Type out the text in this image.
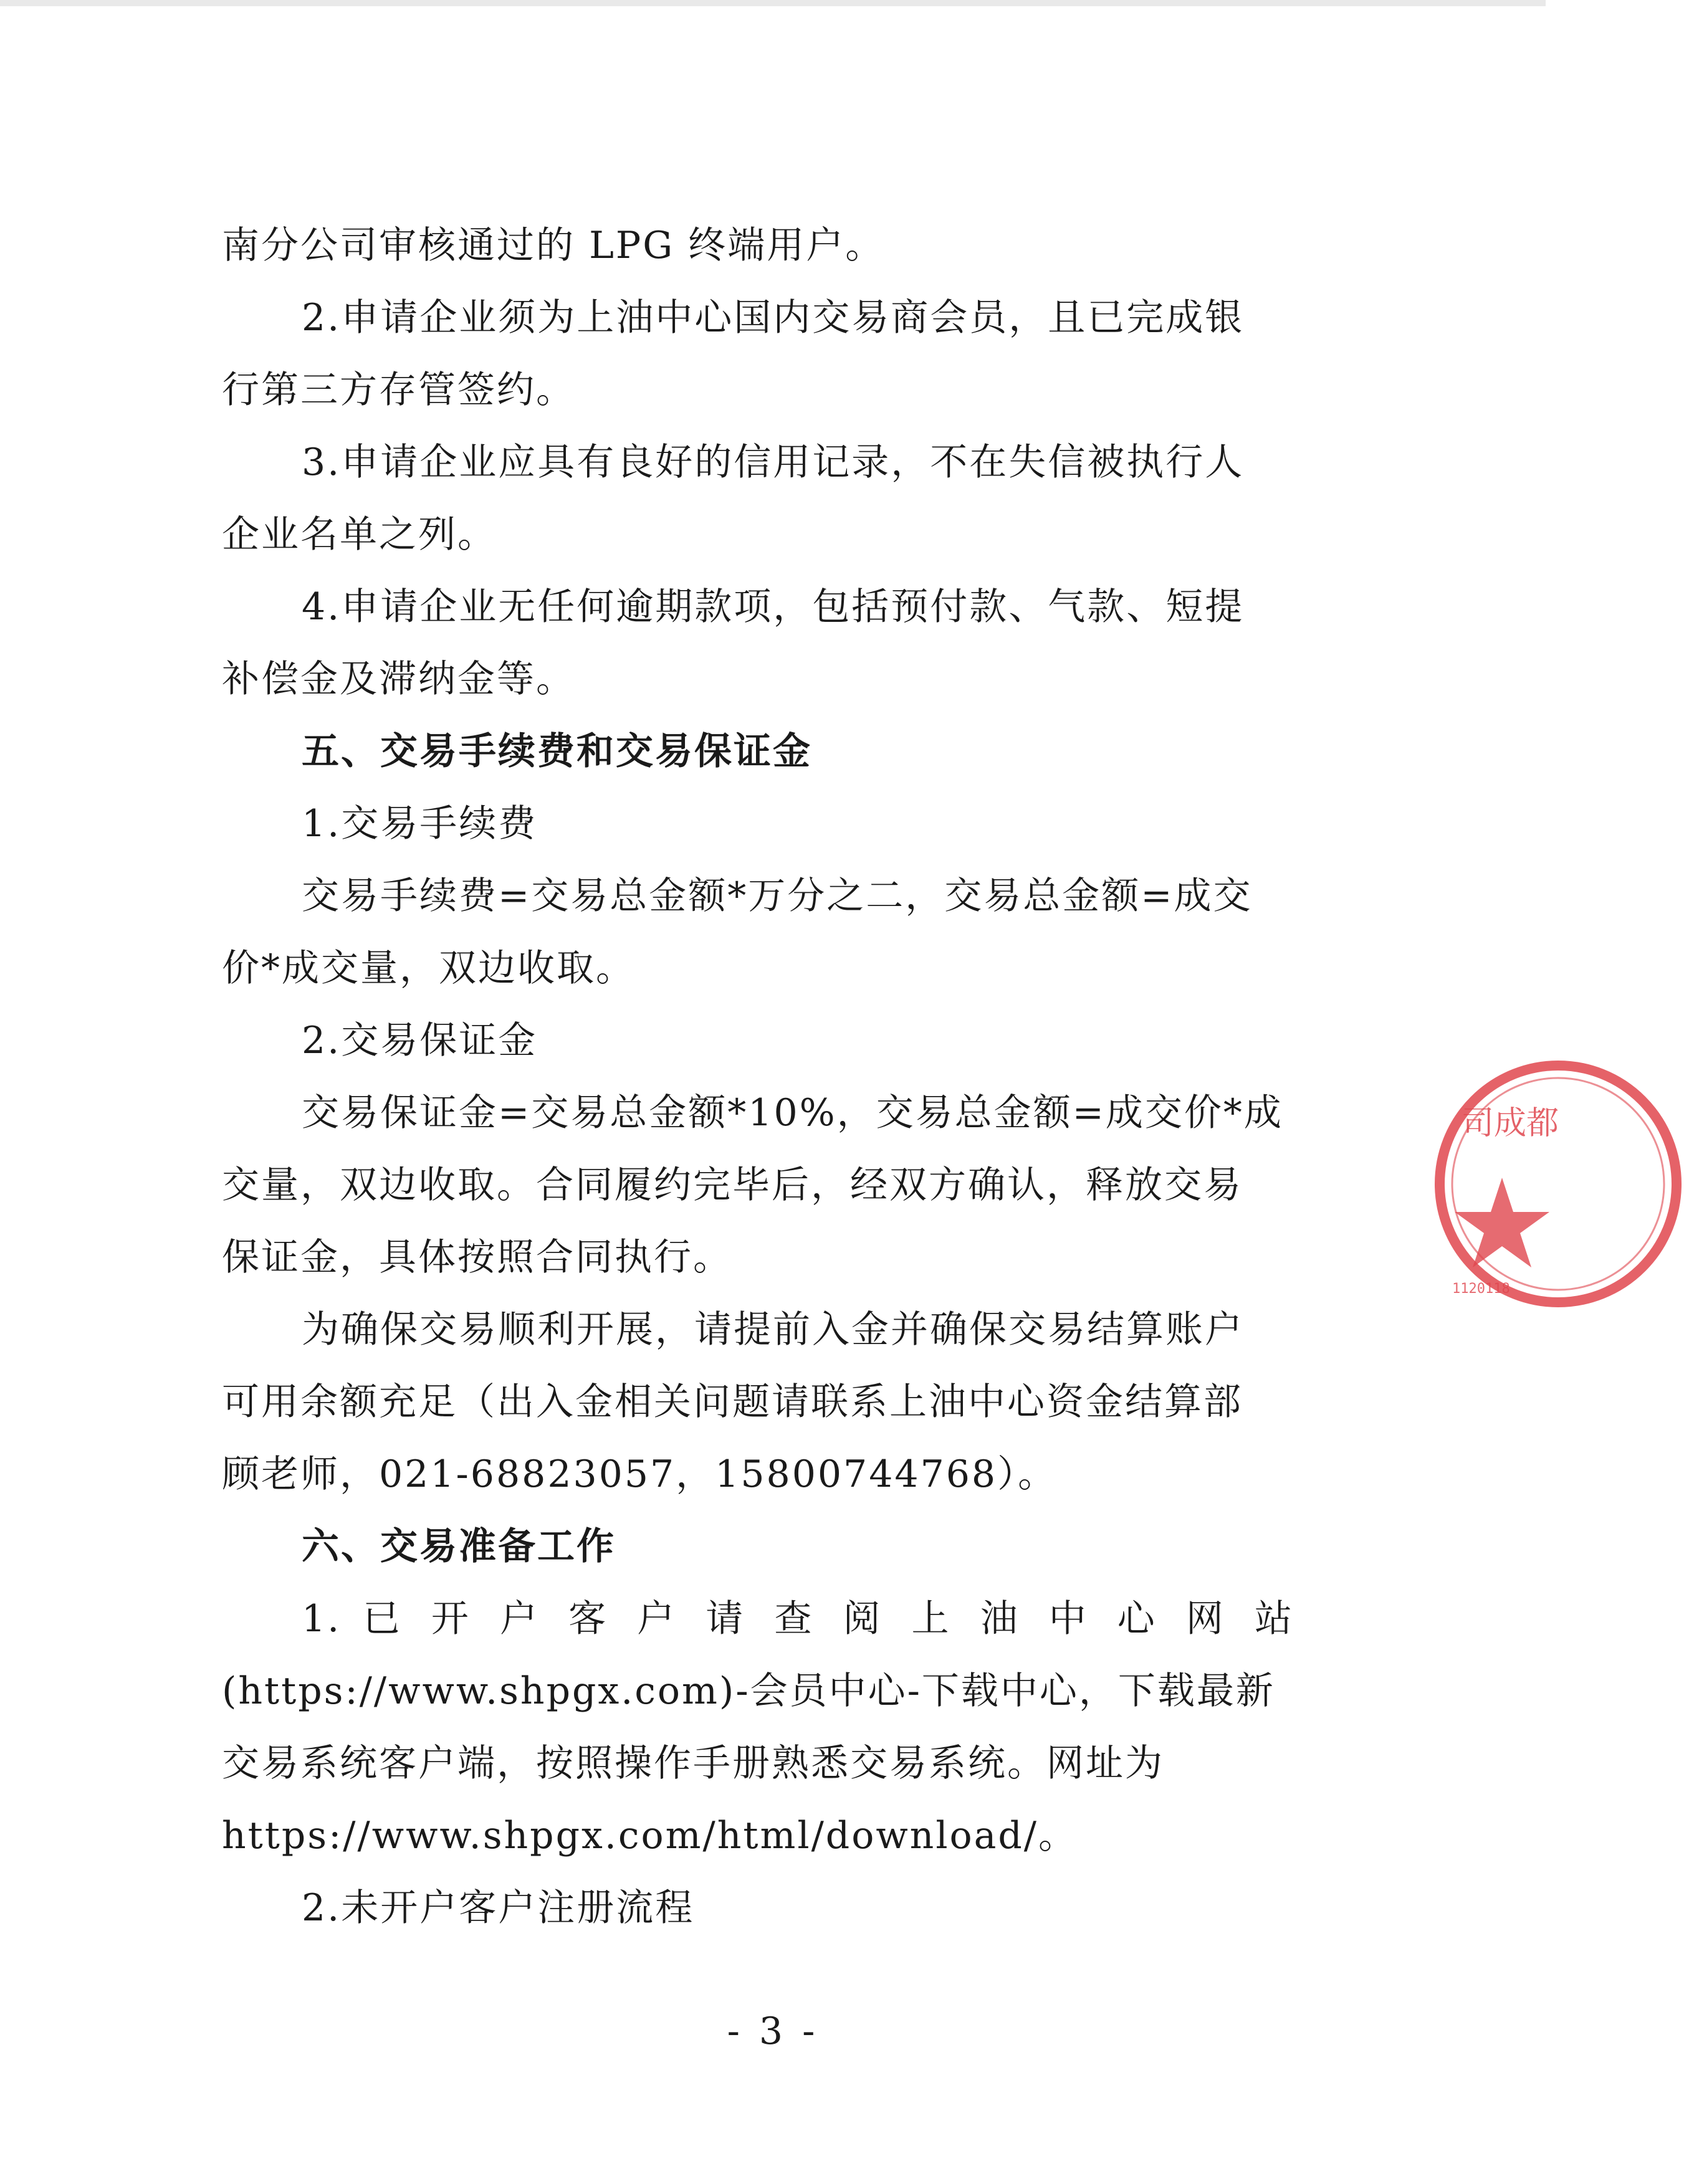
南分公司审核通过的 LPG 终端用户。
2.申请企业须为上油中心国内交易商会员，且已完成银
行第三方存管签约。
3.申请企业应具有良好的信用记录，不在失信被执行人
企业名单之列。
4.申请企业无任何逾期款项，包括预付款、气款、短提
补偿金及滞纳金等。
五、交易手续费和交易保证金
1.交易手续费
交易手续费=交易总金额*万分之二，交易总金额=成交
价*成交量，双边收取。
2.交易保证金
交易保证金=交易总金额*10%，交易总金额=成交价*成
交量，双边收取。合同履约完毕后，经双方确认，释放交易
保证金，具体按照合同执行。
为确保交易顺利开展，请提前入金并确保交易结算账户
可用余额充足（出入金相关问题请联系上油中心资金结算部
顾老师，021-68823057，15800744768）。
六、交易准备工作
1. 已 开 户 客 户 请 查 阅 上 油 中 心 网 站
(https://www.shpgx.com)-会员中心-下载中心，下载最新
交易系统客户端，按照操作手册熟悉交易系统。网址为
https://www.shpgx.com/html/download/。
2.未开户客户注册流程
- 3 -
司成都
1120118
